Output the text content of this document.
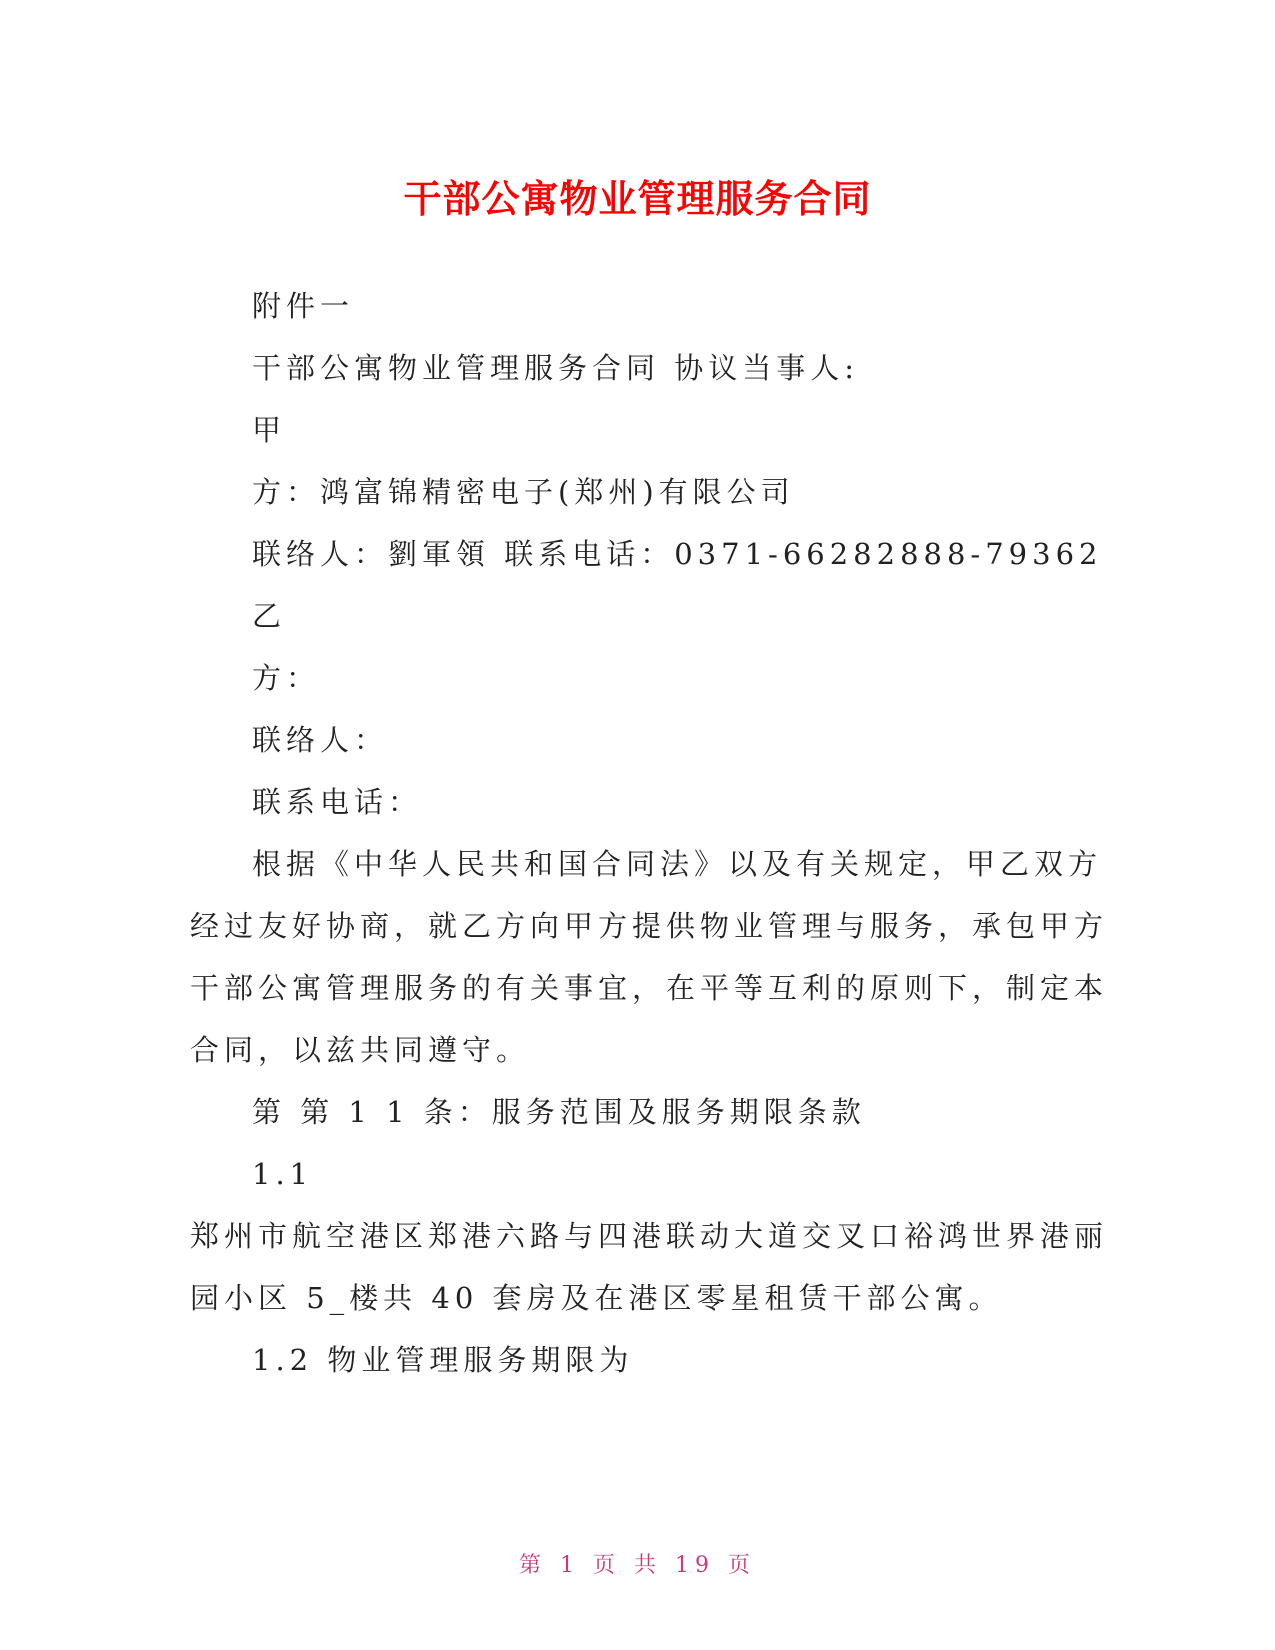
干部公寓物业管理服务合同
附件一
干部公寓物业管理服务合同 协议当事人:
甲
方：鸿富锦精密电子(郑州)有限公司
联络人：劉軍領 联系电话：0371-66282888-79362
乙
方：
联络人：
联系电话：
根据《中华人民共和国合同法》以及有关规定，甲乙双方
经过友好协商，就乙方向甲方提供物业管理与服务，承包甲方
干部公寓管理服务的有关事宜，在平等互利的原则下，制定本
合同，以兹共同遵守。
第 第 1 1 条：服务范围及服务期限条款
1.1
郑州市航空港区郑港六路与四港联动大道交叉口裕鸿世界港丽
园小区 5_楼共 40 套房及在港区零星租赁干部公寓。
1.2 物业管理服务期限为
第 1 页 共 19 页
